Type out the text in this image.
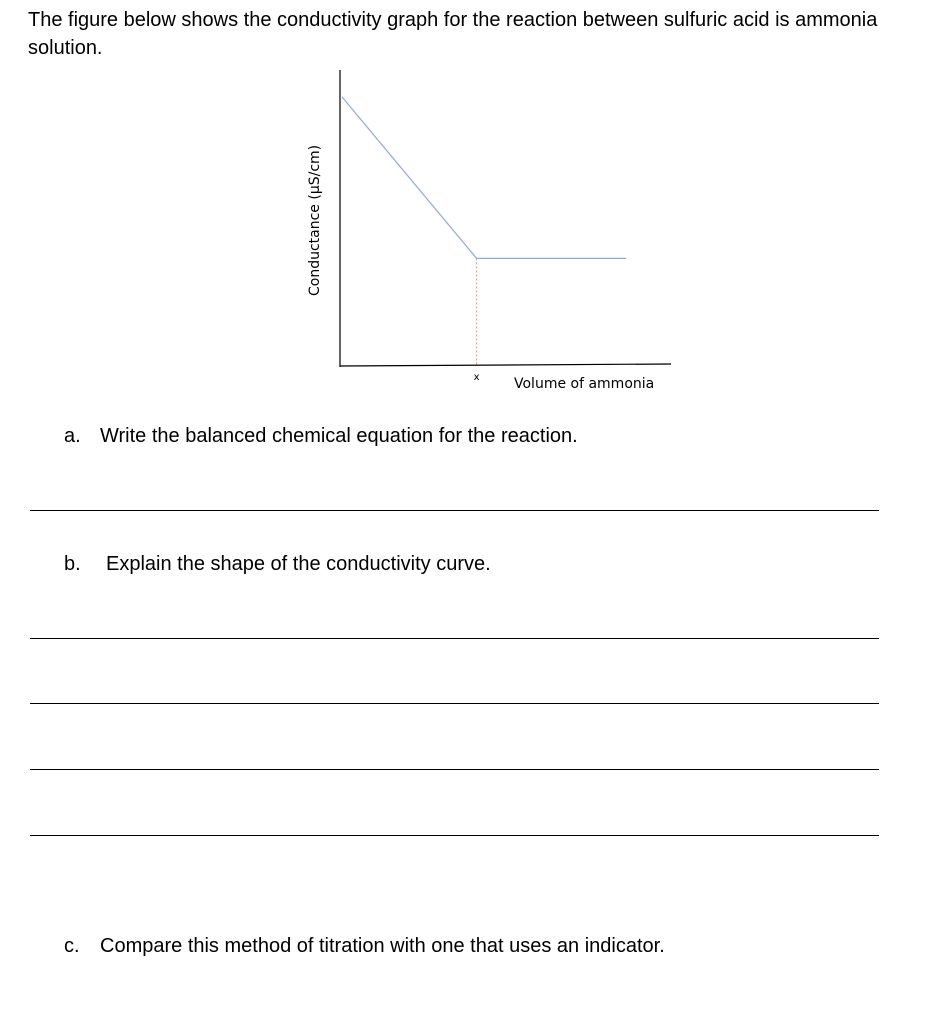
The figure below shows the conductivity graph for the reaction between sulfuric acid is ammonia solution.
Conductance (µS/cm)
Volume of ammonia
x
a. Write the balanced chemical equation for the reaction.
b. Explain the shape of the conductivity curve.
c. Compare this method of titration with one that uses an indicator.
